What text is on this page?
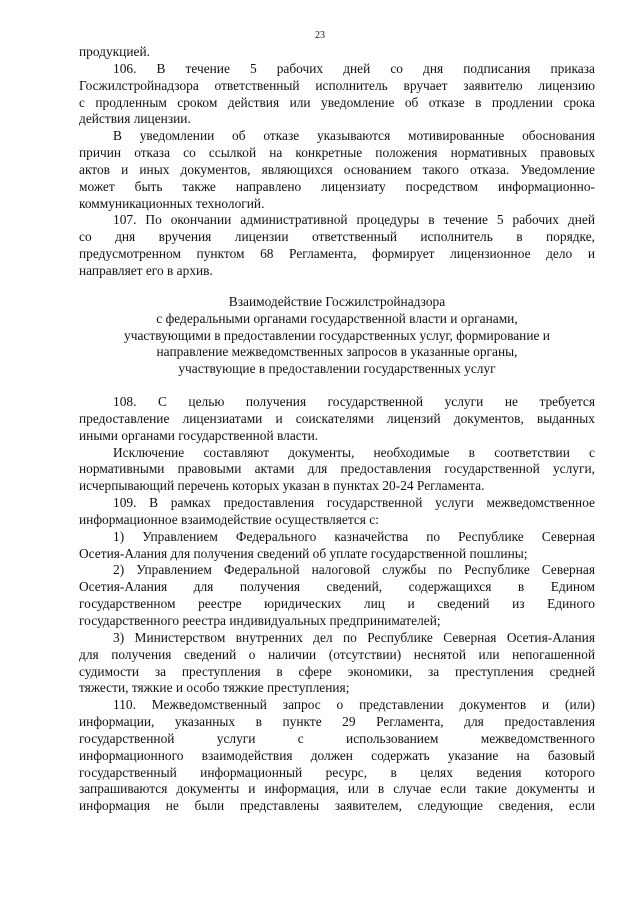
23

продукцией.

106. В течение 5 рабочих дней со дня подписания приказа

Госжилстройнадзора ответственный исполнитель вручает заявителю лицензию

с продленным сроком действия или уведомление об отказе в продлении срока

действия лицензии.

В уведомлении об отказе указываются мотивированные обоснования

причин отказа со ссылкой на конкретные положения нормативных правовых

актов и иных документов, являющихся основанием такого отказа. Уведомление

может быть также направлено лицензиату посредством информационно-

коммуникационных технологий.

107. По окончании административной процедуры в течение 5 рабочих дней

со дня вручения лицензии ответственный исполнитель в порядке,

предусмотренном пунктом 68 Регламента, формирует лицензионное дело и

направляет его в архив.

Взаимодействие Госжилстройнадзора
с федеральными органами государственной власти и органами,
участвующими в предоставлении государственных услуг, формирование и
направление межведомственных запросов в указанные органы,
участвующие в предоставлении государственных услуг

108. С целью получения государственной услуги не требуется

предоставление лицензиатами и соискателями лицензий документов, выданных

иными органами государственной власти.

Исключение составляют документы, необходимые в соответствии с

нормативными правовыми актами для предоставления государственной услуги,

исчерпывающий перечень которых указан в пунктах 20-24 Регламента.

109. В рамках предоставления государственной услуги межведомственное

информационное взаимодействие осуществляется с:

1) Управлением Федерального казначейства по Республике Северная

Осетия-Алания для получения сведений об уплате государственной пошлины;

2) Управлением Федеральной налоговой службы по Республике Северная

Осетия-Алания для получения сведений, содержащихся в Едином

государственном реестре юридических лиц и сведений из Единого

государственного реестра индивидуальных предпринимателей;

3) Министерством внутренних дел по Республике Северная Осетия-Алания

для получения сведений о наличии (отсутствии) неснятой или непогашенной

судимости за преступления в сфере экономики, за преступления средней

тяжести, тяжкие и особо тяжкие преступления;

110. Межведомственный запрос о представлении документов и (или)

информации, указанных в пункте 29 Регламента, для предоставления

государственной услуги с использованием межведомственного

информационного взаимодействия должен содержать указание на базовый

государственный информационный ресурс, в целях ведения которого

запрашиваются документы и информация, или в случае если такие документы и

информация не были представлены заявителем, следующие сведения, если
